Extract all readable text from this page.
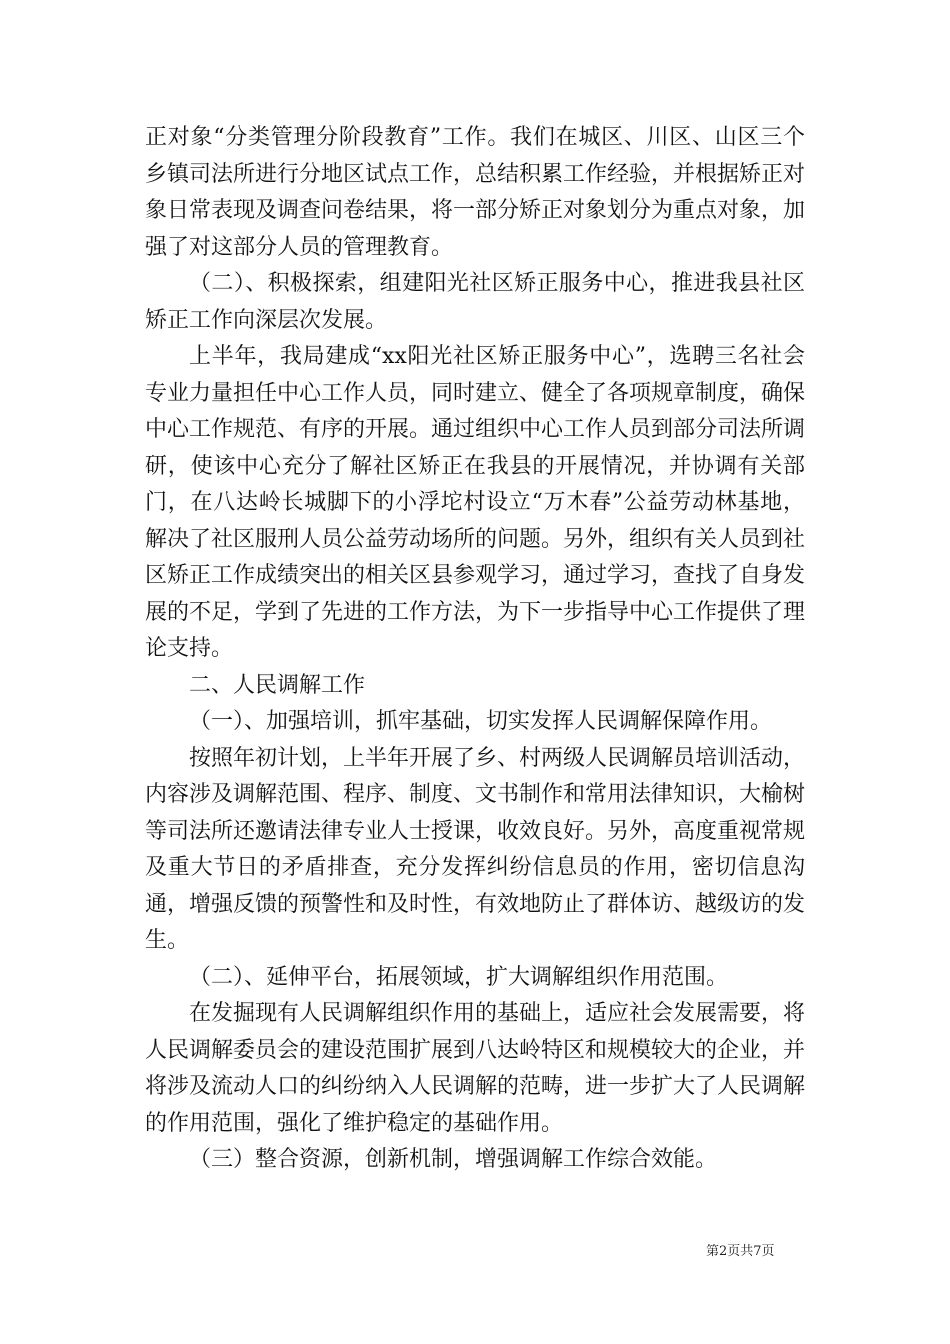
正对象“分类管理分阶段教育”工作。我们在城区、川区、山区三个乡镇司法所进行分地区试点工作，总结积累工作经验，并根据矫正对象日常表现及调查问卷结果，将一部分矫正对象划分为重点对象，加强了对这部分人员的管理教育。

（二）、积极探索，组建阳光社区矫正服务中心，推进我县社区矫正工作向深层次发展。

上半年，我局建成“xx阳光社区矫正服务中心”，选聘三名社会专业力量担任中心工作人员，同时建立、健全了各项规章制度，确保中心工作规范、有序的开展。通过组织中心工作人员到部分司法所调研，使该中心充分了解社区矫正在我县的开展情况，并协调有关部门，在八达岭长城脚下的小浮坨村设立“万木春”公益劳动林基地，解决了社区服刑人员公益劳动场所的问题。另外，组织有关人员到社区矫正工作成绩突出的相关区县参观学习，通过学习，查找了自身发展的不足，学到了先进的工作方法，为下一步指导中心工作提供了理论支持。

二、人民调解工作

（一）、加强培训，抓牢基础，切实发挥人民调解保障作用。

按照年初计划，上半年开展了乡、村两级人民调解员培训活动，内容涉及调解范围、程序、制度、文书制作和常用法律知识，大榆树等司法所还邀请法律专业人士授课，收效良好。另外，高度重视常规及重大节日的矛盾排查，充分发挥纠纷信息员的作用，密切信息沟通，增强反馈的预警性和及时性，有效地防止了群体访、越级访的发生。

（二）、延伸平台，拓展领域，扩大调解组织作用范围。

在发掘现有人民调解组织作用的基础上，适应社会发展需要，将人民调解委员会的建设范围扩展到八达岭特区和规模较大的企业，并将涉及流动人口的纠纷纳入人民调解的范畴，进一步扩大了人民调解的作用范围，强化了维护稳定的基础作用。

（三）整合资源，创新机制，增强调解工作综合效能。

第2页共7页
